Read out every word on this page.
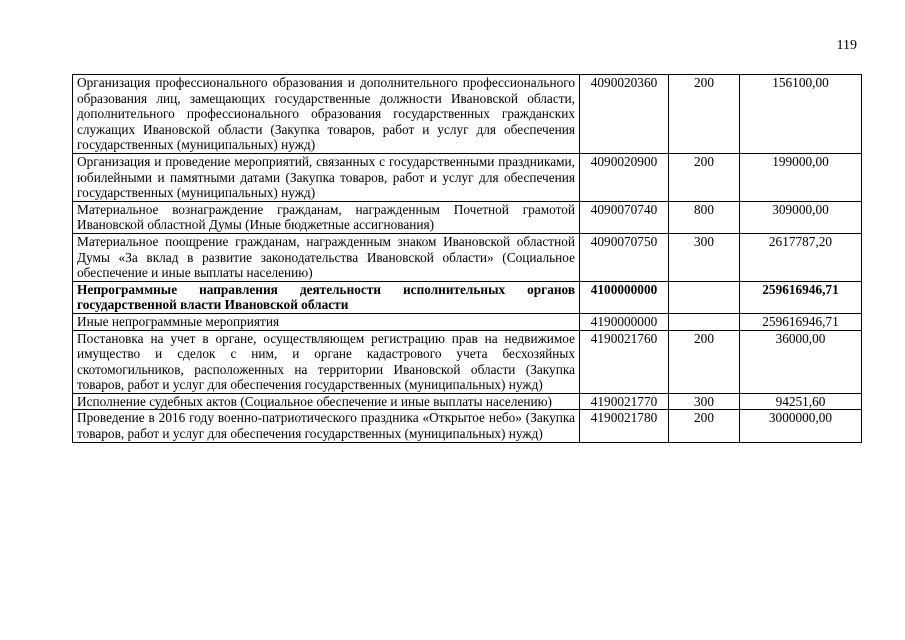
119
Организация профессионального образования и дополнительного профессионального образования лиц, замещающих государственные должности Ивановской области, дополнительного профессионального образования государственных гражданских служащих Ивановской области (Закупка товаров, работ и услуг для обеспечения государственных (муниципальных) нужд)	4090020360	200	156100,00
Организация и проведение мероприятий, связанных с государственными праздниками, юбилейными и памятными датами (Закупка товаров, работ и услуг для обеспечения государственных (муниципальных) нужд)	4090020900	200	199000,00
Материальное вознаграждение гражданам, награжденным Почетной грамотой Ивановской областной Думы (Иные бюджетные ассигнования)	4090070740	800	309000,00
Материальное поощрение гражданам, награжденным знаком Ивановской областной Думы «За вклад в развитие законодательства Ивановской области» (Социальное обеспечение и иные выплаты населению)	4090070750	300	2617787,20
Непрограммные направления деятельности исполнительных органов государственной власти Ивановской области	4100000000		259616946,71
Иные непрограммные мероприятия	4190000000		259616946,71
Постановка на учет в органе, осуществляющем регистрацию прав на недвижимое имущество и сделок с ним, и органе кадастрового учета бесхозяйных скотомогильников, расположенных на территории Ивановской области (Закупка товаров, работ и услуг для обеспечения государственных (муниципальных) нужд)	4190021760	200	36000,00
Исполнение судебных актов (Социальное обеспечение и иные выплаты населению)	4190021770	300	94251,60
Проведение в 2016 году военно-патриотического праздника «Открытое небо» (Закупка товаров, работ и услуг для обеспечения государственных (муниципальных) нужд)	4190021780	200	3000000,00
